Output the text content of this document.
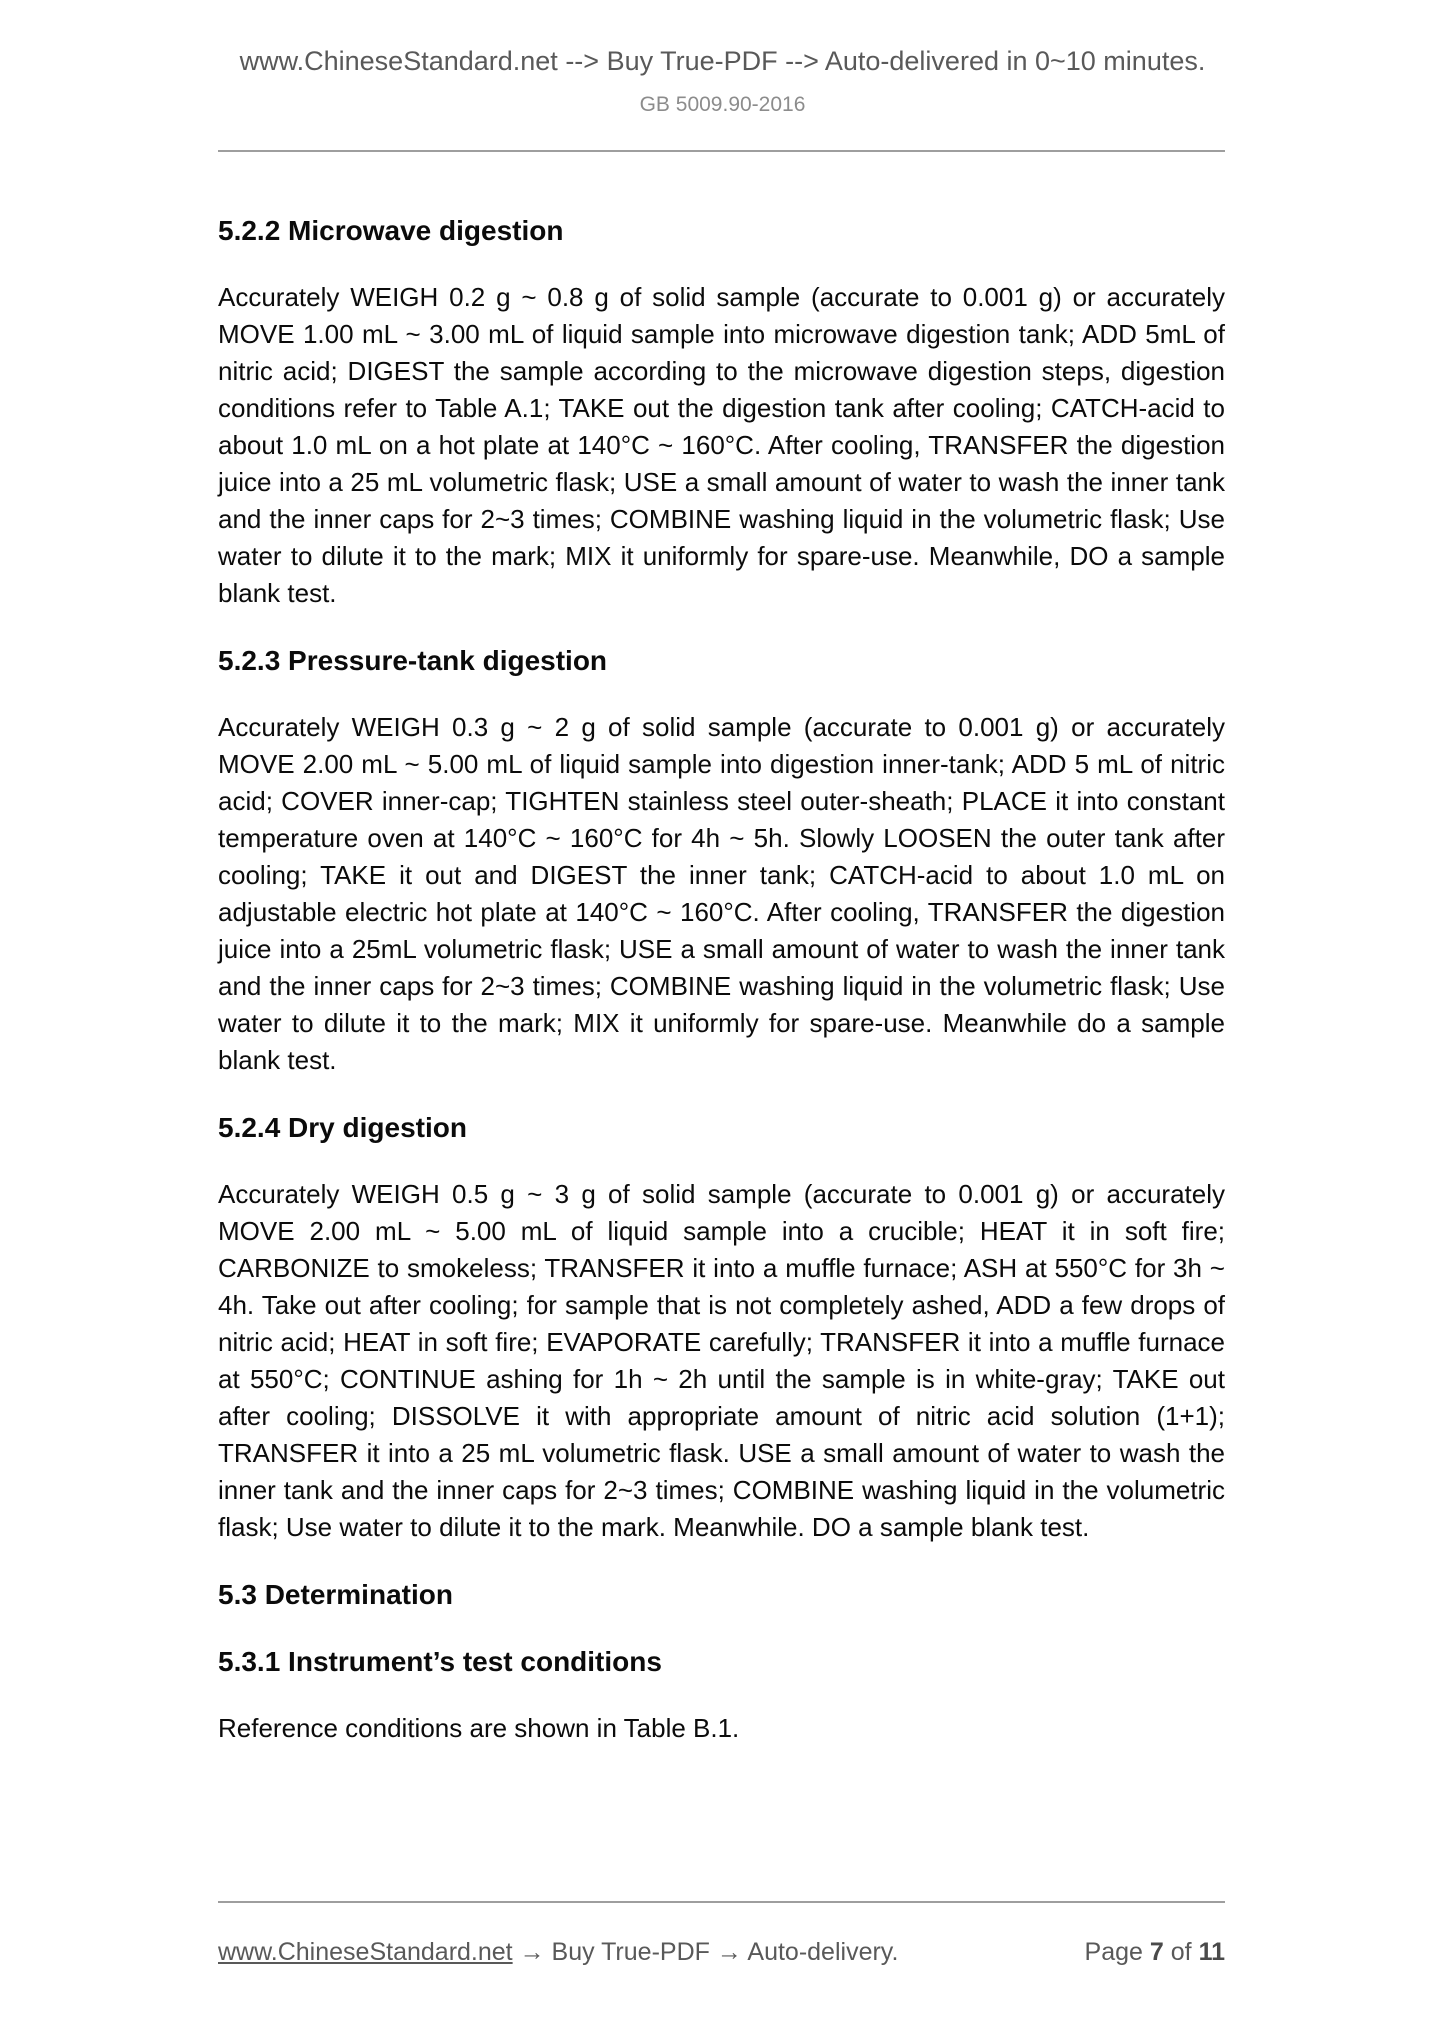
www.ChineseStandard.net --> Buy True-PDF --> Auto-delivered in 0~10 minutes.
GB 5009.90-2016
5.2.2 Microwave digestion

Accurately WEIGH 0.2 g ~ 0.8 g of solid sample (accurate to 0.001 g) or accurately MOVE 1.00 mL ~ 3.00 mL of liquid sample into microwave digestion tank; ADD 5mL of nitric acid; DIGEST the sample according to the microwave digestion steps, digestion conditions refer to Table A.1; TAKE out the digestion tank after cooling; CATCH-acid to about 1.0 mL on a hot plate at 140°C ~ 160°C. After cooling, TRANSFER the digestion juice into a 25 mL volumetric flask; USE a small amount of water to wash the inner tank and the inner caps for 2~3 times; COMBINE washing liquid in the volumetric flask; Use water to dilute it to the mark; MIX it uniformly for spare-use. Meanwhile, DO a sample blank test.

5.2.3 Pressure-tank digestion

Accurately WEIGH 0.3 g ~ 2 g of solid sample (accurate to 0.001 g) or accurately MOVE 2.00 mL ~ 5.00 mL of liquid sample into digestion inner-tank; ADD 5 mL of nitric acid; COVER inner-cap; TIGHTEN stainless steel outer-sheath; PLACE it into constant temperature oven at 140°C ~ 160°C for 4h ~ 5h. Slowly LOOSEN the outer tank after cooling; TAKE it out and DIGEST the inner tank; CATCH-acid to about 1.0 mL on adjustable electric hot plate at 140°C ~ 160°C. After cooling, TRANSFER the digestion juice into a 25mL volumetric flask; USE a small amount of water to wash the inner tank and the inner caps for 2~3 times; COMBINE washing liquid in the volumetric flask; Use water to dilute it to the mark; MIX it uniformly for spare-use. Meanwhile do a sample blank test.

5.2.4 Dry digestion

Accurately WEIGH 0.5 g ~ 3 g of solid sample (accurate to 0.001 g) or accurately MOVE 2.00 mL ~ 5.00 mL of liquid sample into a crucible; HEAT it in soft fire; CARBONIZE to smokeless; TRANSFER it into a muffle furnace; ASH at 550°C for 3h ~ 4h. Take out after cooling; for sample that is not completely ashed, ADD a few drops of nitric acid; HEAT in soft fire; EVAPORATE carefully; TRANSFER it into a muffle furnace at 550°C; CONTINUE ashing for 1h ~ 2h until the sample is in white-gray; TAKE out after cooling; DISSOLVE it with appropriate amount of nitric acid solution (1+1); TRANSFER it into a 25 mL volumetric flask. USE a small amount of water to wash the inner tank and the inner caps for 2~3 times; COMBINE washing liquid in the volumetric flask; Use water to dilute it to the mark. Meanwhile. DO a sample blank test.

5.3 Determination
5.3.1 Instrument’s test conditions

Reference conditions are shown in Table B.1.

www.ChineseStandard.net → Buy True-PDF → Auto-delivery.	Page 7 of 11
